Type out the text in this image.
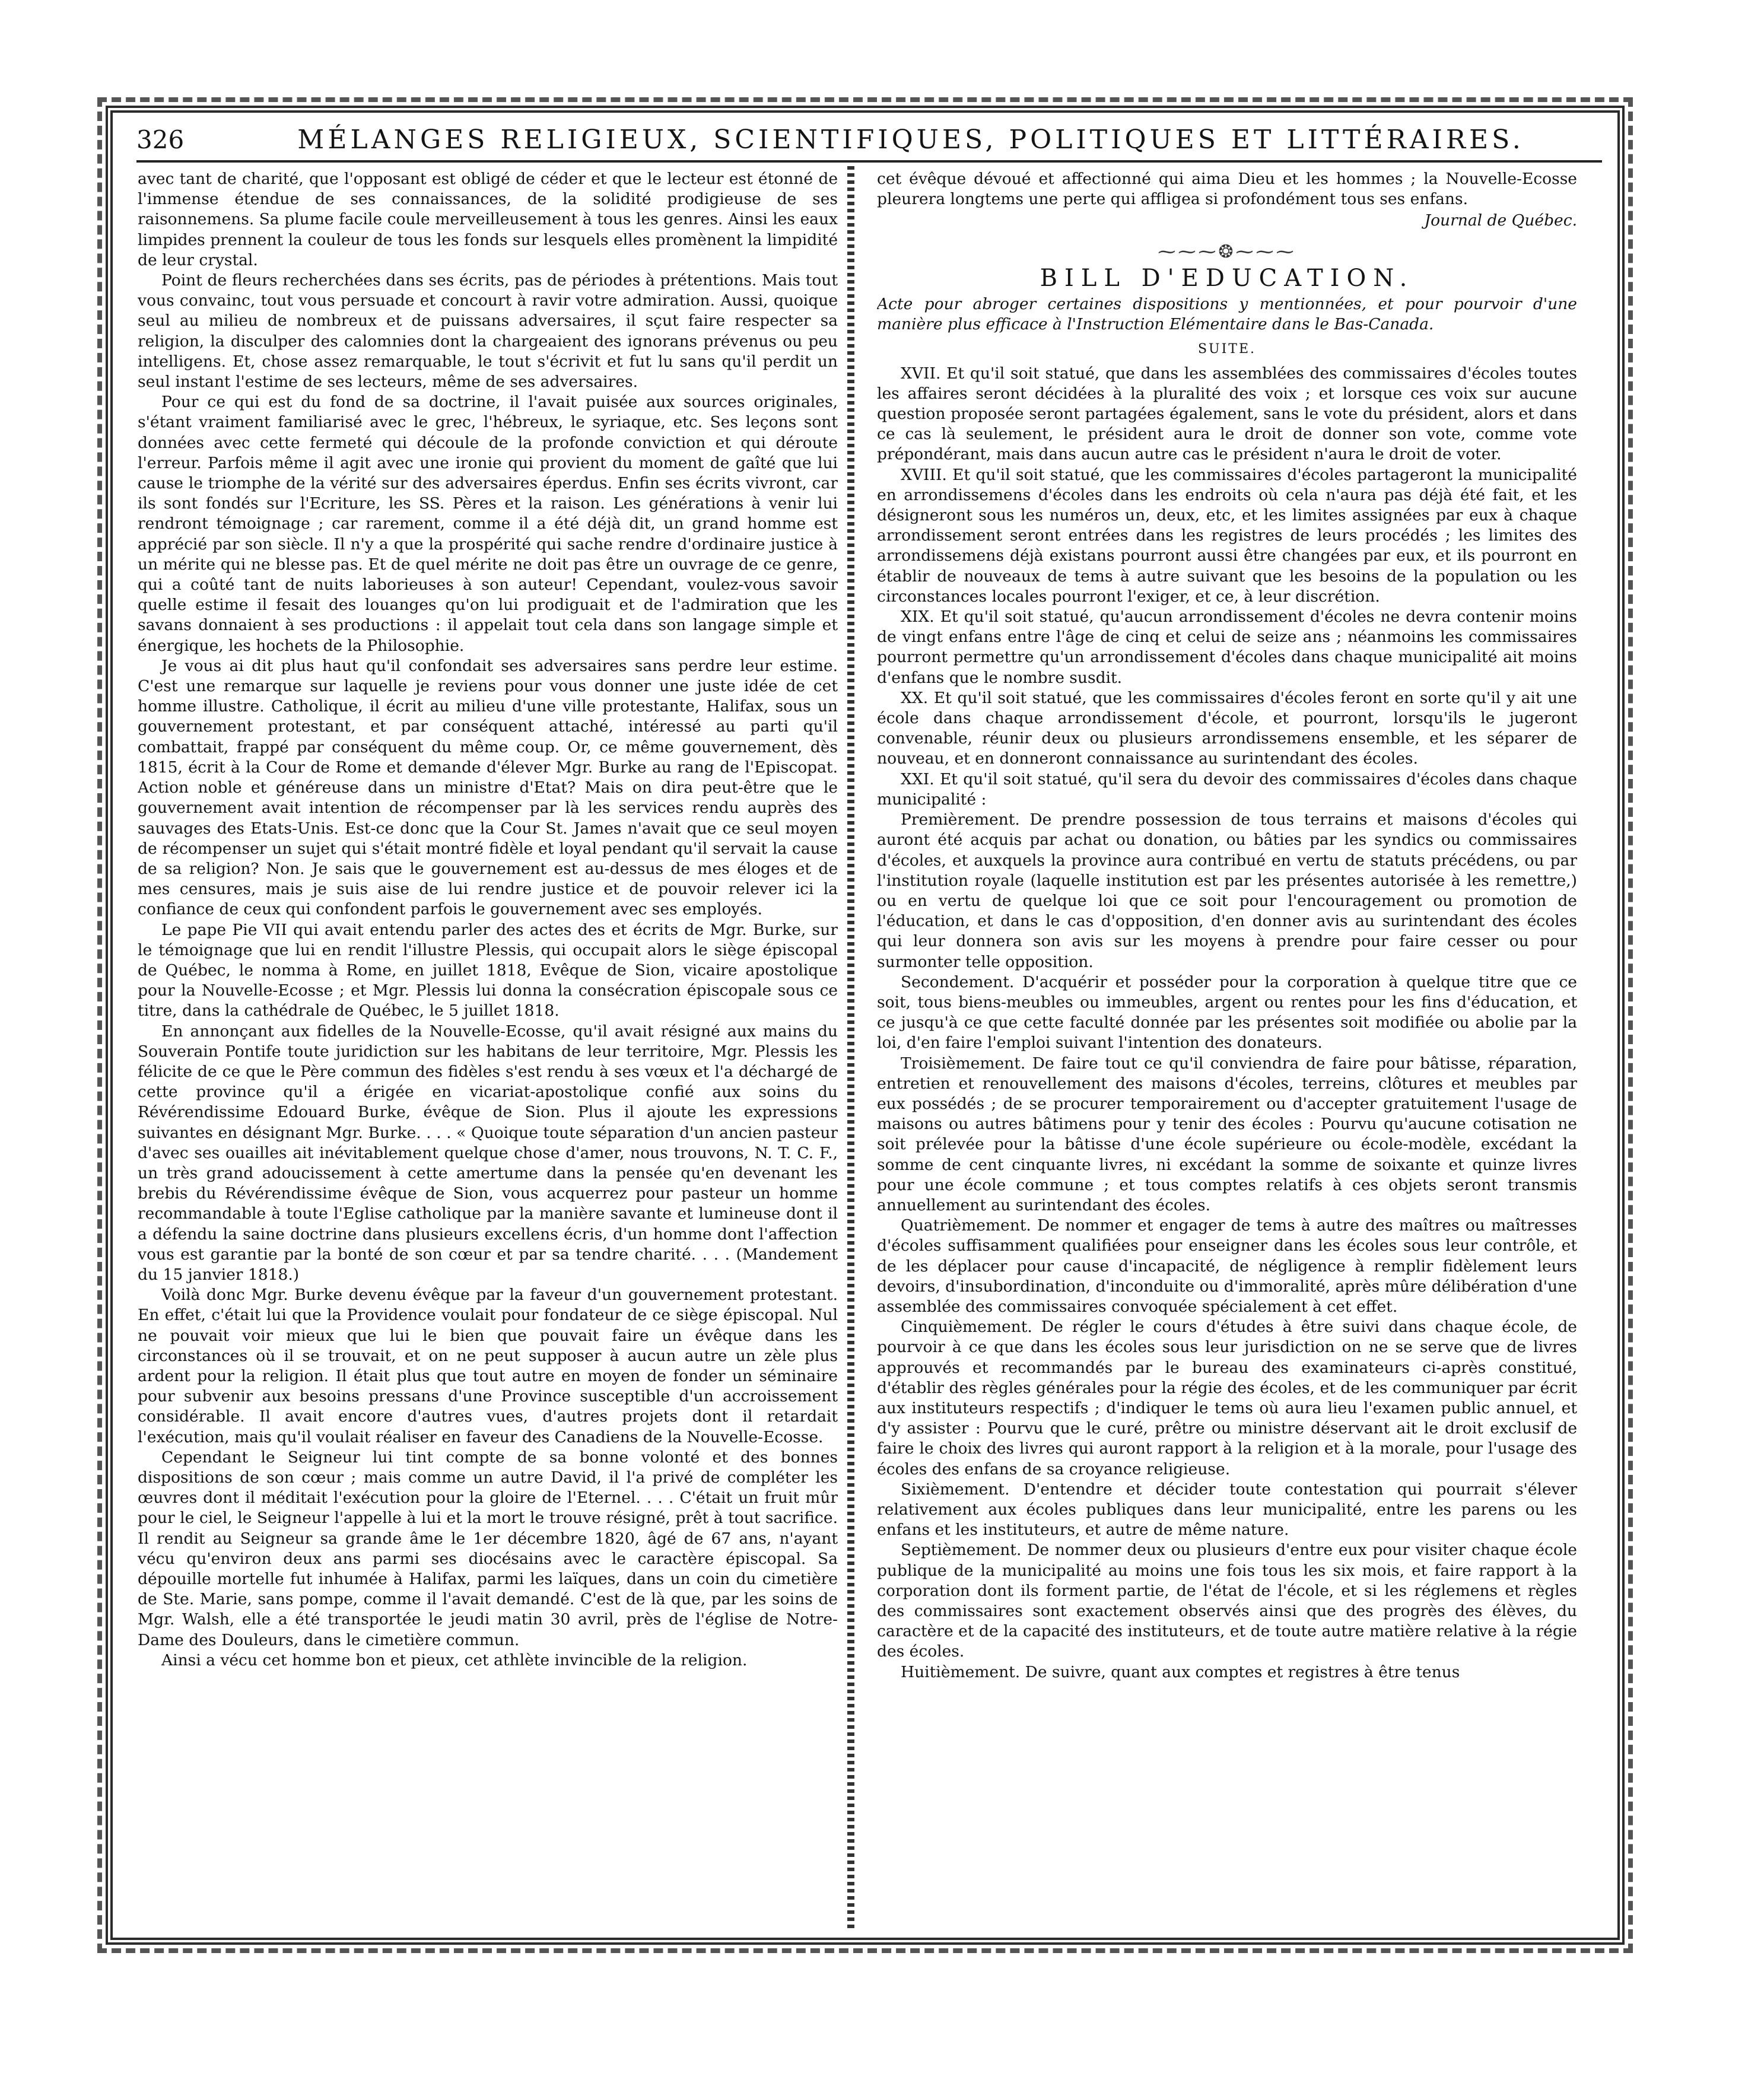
326	MÉLANGES RELIGIEUX, SCIENTIFIQUES, POLITIQUES ET LITTÉRAIRES.

avec tant de charité, que l'opposant est obligé de céder et que le lecteur est étonné de l'immense étendue de ses connaissances, de la solidité prodigieuse de ses raisonnemens. Sa plume facile coule merveilleusement à tous les genres. Ainsi les eaux limpides prennent la couleur de tous les fonds sur lesquels elles promènent la limpidité de leur crystal.

Point de fleurs recherchées dans ses écrits, pas de périodes à prétentions. Mais tout vous convainc, tout vous persuade et concourt à ravir votre admiration. Aussi, quoique seul au milieu de nombreux et de puissans adversaires, il sçut faire respecter sa religion, la disculper des calomnies dont la chargeaient des ignorans prévenus ou peu intelligens. Et, chose assez remarquable, le tout s'écrivit et fut lu sans qu'il perdit un seul instant l'estime de ses lecteurs, même de ses adversaires.

Pour ce qui est du fond de sa doctrine, il l'avait puisée aux sources originales, s'étant vraiment familiarisé avec le grec, l'hébreux, le syriaque, etc. Ses leçons sont données avec cette fermeté qui découle de la profonde conviction et qui déroute l'erreur. Parfois même il agit avec une ironie qui provient du moment de gaîté que lui cause le triomphe de la vérité sur des adversaires éperdus. Enfin ses écrits vivront, car ils sont fondés sur l'Ecriture, les SS. Pères et la raison. Les générations à venir lui rendront témoignage ; car rarement, comme il a été déjà dit, un grand homme est apprécié par son siècle. Il n'y a que la prospérité qui sache rendre d'ordinaire justice à un mérite qui ne blesse pas. Et de quel mérite ne doit pas être un ouvrage de ce genre, qui a coûté tant de nuits laborieuses à son auteur! Cependant, voulez-vous savoir quelle estime il fesait des louanges qu'on lui prodiguait et de l'admiration que les savans donnaient à ses productions : il appelait tout cela dans son langage simple et énergique, les hochets de la Philosophie.

Je vous ai dit plus haut qu'il confondait ses adversaires sans perdre leur estime. C'est une remarque sur laquelle je reviens pour vous donner une juste idée de cet homme illustre. Catholique, il écrit au milieu d'une ville protestante, Halifax, sous un gouvernement protestant, et par conséquent attaché, intéressé au parti qu'il combattait, frappé par conséquent du même coup. Or, ce même gouvernement, dès 1815, écrit à la Cour de Rome et demande d'élever Mgr. Burke au rang de l'Episcopat. Action noble et généreuse dans un ministre d'Etat? Mais on dira peut-être que le gouvernement avait intention de récompenser par là les services rendu auprès des sauvages des Etats-Unis. Est-ce donc que la Cour St. James n'avait que ce seul moyen de récompenser un sujet qui s'était montré fidèle et loyal pendant qu'il servait la cause de sa religion? Non. Je sais que le gouvernement est au-dessus de mes éloges et de mes censures, mais je suis aise de lui rendre justice et de pouvoir relever ici la confiance de ceux qui confondent parfois le gouvernement avec ses employés.

Le pape Pie VII qui avait entendu parler des actes des et écrits de Mgr. Burke, sur le témoignage que lui en rendit l'illustre Plessis, qui occupait alors le siège épiscopal de Québec, le nomma à Rome, en juillet 1818, Evêque de Sion, vicaire apostolique pour la Nouvelle-Ecosse ; et Mgr. Plessis lui donna la consécration épiscopale sous ce titre, dans la cathédrale de Québec, le 5 juillet 1818.

En annonçant aux fidelles de la Nouvelle-Ecosse, qu'il avait résigné aux mains du Souverain Pontife toute juridiction sur les habitans de leur territoire, Mgr. Plessis les félicite de ce que le Père commun des fidèles s'est rendu à ses vœux et l'a déchargé de cette province qu'il a érigée en vicariat-apostolique confié aux soins du Révérendissime Edouard Burke, évêque de Sion. Plus il ajoute les expressions suivantes en désignant Mgr. Burke. . . . « Quoique toute séparation d'un ancien pasteur d'avec ses ouailles ait inévitablement quelque chose d'amer, nous trouvons, N. T. C. F., un très grand adoucissement à cette amertume dans la pensée qu'en devenant les brebis du Révérendissime évêque de Sion, vous acquerrez pour pasteur un homme recommandable à toute l'Eglise catholique par la manière savante et lumineuse dont il a défendu la saine doctrine dans plusieurs excellens écris, d'un homme dont l'affection vous est garantie par la bonté de son cœur et par sa tendre charité. . . . (Mandement du 15 janvier 1818.)

Voilà donc Mgr. Burke devenu évêque par la faveur d'un gouvernement protestant. En effet, c'était lui que la Providence voulait pour fondateur de ce siège épiscopal. Nul ne pouvait voir mieux que lui le bien que pouvait faire un évêque dans les circonstances où il se trouvait, et on ne peut supposer à aucun autre un zèle plus ardent pour la religion. Il était plus que tout autre en moyen de fonder un séminaire pour subvenir aux besoins pressans d'une Province susceptible d'un accroissement considérable. Il avait encore d'autres vues, d'autres projets dont il retardait l'exécution, mais qu'il voulait réaliser en faveur des Canadiens de la Nouvelle-Ecosse.

Cependant le Seigneur lui tint compte de sa bonne volonté et des bonnes dispositions de son cœur ; mais comme un autre David, il l'a privé de compléter les œuvres dont il méditait l'exécution pour la gloire de l'Eternel. . . . C'était un fruit mûr pour le ciel, le Seigneur l'appelle à lui et la mort le trouve résigné, prêt à tout sacrifice. Il rendit au Seigneur sa grande âme le 1er décembre 1820, âgé de 67 ans, n'ayant vécu qu'environ deux ans parmi ses diocésains avec le caractère épiscopal. Sa dépouille mortelle fut inhumée à Halifax, parmi les laïques, dans un coin du cimetière de Ste. Marie, sans pompe, comme il l'avait demandé. C'est de là que, par les soins de Mgr. Walsh, elle a été transportée le jeudi matin 30 avril, près de l'église de Notre-Dame des Douleurs, dans le cimetière commun.

Ainsi a vécu cet homme bon et pieux, cet athlète invincible de la religion.

cet évêque dévoué et affectionné qui aima Dieu et les hommes ; la Nouvelle-Ecosse pleurera longtems une perte qui affligea si profondément tous ses enfans.

Journal de Québec.
⁓⁓⁓❂⁓⁓⁓
BILL D'EDUCATION.

Acte pour abroger certaines dispositions y mentionnées, et pour pourvoir d'une manière plus efficace à l'Instruction Elémentaire dans le Bas-Canada.

SUITE.

XVII. Et qu'il soit statué, que dans les assemblées des commissaires d'écoles toutes les affaires seront décidées à la pluralité des voix ; et lorsque ces voix sur aucune question proposée seront partagées également, sans le vote du président, alors et dans ce cas là seulement, le président aura le droit de donner son vote, comme vote prépondérant, mais dans aucun autre cas le président n'aura le droit de voter.

XVIII. Et qu'il soit statué, que les commissaires d'écoles partageront la municipalité en arrondissemens d'écoles dans les endroits où cela n'aura pas déjà été fait, et les désigneront sous les numéros un, deux, etc, et les limites assignées par eux à chaque arrondissement seront entrées dans les registres de leurs procédés ; les limites des arrondissemens déjà existans pourront aussi être changées par eux, et ils pourront en établir de nouveaux de tems à autre suivant que les besoins de la population ou les circonstances locales pourront l'exiger, et ce, à leur discrétion.

XIX. Et qu'il soit statué, qu'aucun arrondissement d'écoles ne devra contenir moins de vingt enfans entre l'âge de cinq et celui de seize ans ; néanmoins les commissaires pourront permettre qu'un arrondissement d'écoles dans chaque municipalité ait moins d'enfans que le nombre susdit.

XX. Et qu'il soit statué, que les commissaires d'écoles feront en sorte qu'il y ait une école dans chaque arrondissement d'école, et pourront, lorsqu'ils le jugeront convenable, réunir deux ou plusieurs arrondissemens ensemble, et les séparer de nouveau, et en donneront connaissance au surintendant des écoles.

XXI. Et qu'il soit statué, qu'il sera du devoir des commissaires d'écoles dans chaque municipalité :

Premièrement. De prendre possession de tous terrains et maisons d'écoles qui auront été acquis par achat ou donation, ou bâties par les syndics ou commissaires d'écoles, et auxquels la province aura contribué en vertu de statuts précédens, ou par l'institution royale (laquelle institution est par les présentes autorisée à les remettre,) ou en vertu de quelque loi que ce soit pour l'encouragement ou promotion de l'éducation, et dans le cas d'opposition, d'en donner avis au surintendant des écoles qui leur donnera son avis sur les moyens à prendre pour faire cesser ou pour surmonter telle opposition.

Secondement. D'acquérir et posséder pour la corporation à quelque titre que ce soit, tous biens-meubles ou immeubles, argent ou rentes pour les fins d'éducation, et ce jusqu'à ce que cette faculté donnée par les présentes soit modifiée ou abolie par la loi, d'en faire l'emploi suivant l'intention des donateurs.

Troisièmement. De faire tout ce qu'il conviendra de faire pour bâtisse, réparation, entretien et renouvellement des maisons d'écoles, terreins, clôtures et meubles par eux possédés ; de se procurer temporairement ou d'accepter gratuitement l'usage de maisons ou autres bâtimens pour y tenir des écoles : Pourvu qu'aucune cotisation ne soit prélevée pour la bâtisse d'une école supérieure ou école-modèle, excédant la somme de cent cinquante livres, ni excédant la somme de soixante et quinze livres pour une école commune ; et tous comptes relatifs à ces objets seront transmis annuellement au surintendant des écoles.

Quatrièmement. De nommer et engager de tems à autre des maîtres ou maîtresses d'écoles suffisamment qualifiées pour enseigner dans les écoles sous leur contrôle, et de les déplacer pour cause d'incapacité, de négligence à remplir fidèlement leurs devoirs, d'insubordination, d'inconduite ou d'immoralité, après mûre délibération d'une assemblée des commissaires convoquée spécialement à cet effet.

Cinquièmement. De régler le cours d'études à être suivi dans chaque école, de pourvoir à ce que dans les écoles sous leur jurisdiction on ne se serve que de livres approuvés et recommandés par le bureau des examinateurs ci-après constitué, d'établir des règles générales pour la régie des écoles, et de les communiquer par écrit aux instituteurs respectifs ; d'indiquer le tems où aura lieu l'examen public annuel, et d'y assister : Pourvu que le curé, prêtre ou ministre déservant ait le droit exclusif de faire le choix des livres qui auront rapport à la religion et à la morale, pour l'usage des écoles des enfans de sa croyance religieuse.

Sixièmement. D'entendre et décider toute contestation qui pourrait s'élever relativement aux écoles publiques dans leur municipalité, entre les parens ou les enfans et les instituteurs, et autre de même nature.

Septièmement. De nommer deux ou plusieurs d'entre eux pour visiter chaque école publique de la municipalité au moins une fois tous les six mois, et faire rapport à la corporation dont ils forment partie, de l'état de l'école, et si les réglemens et règles des commissaires sont exactement observés ainsi que des progrès des élèves, du caractère et de la capacité des instituteurs, et de toute autre matière relative à la régie des écoles.

Huitièmement. De suivre, quant aux comptes et registres à être tenus
